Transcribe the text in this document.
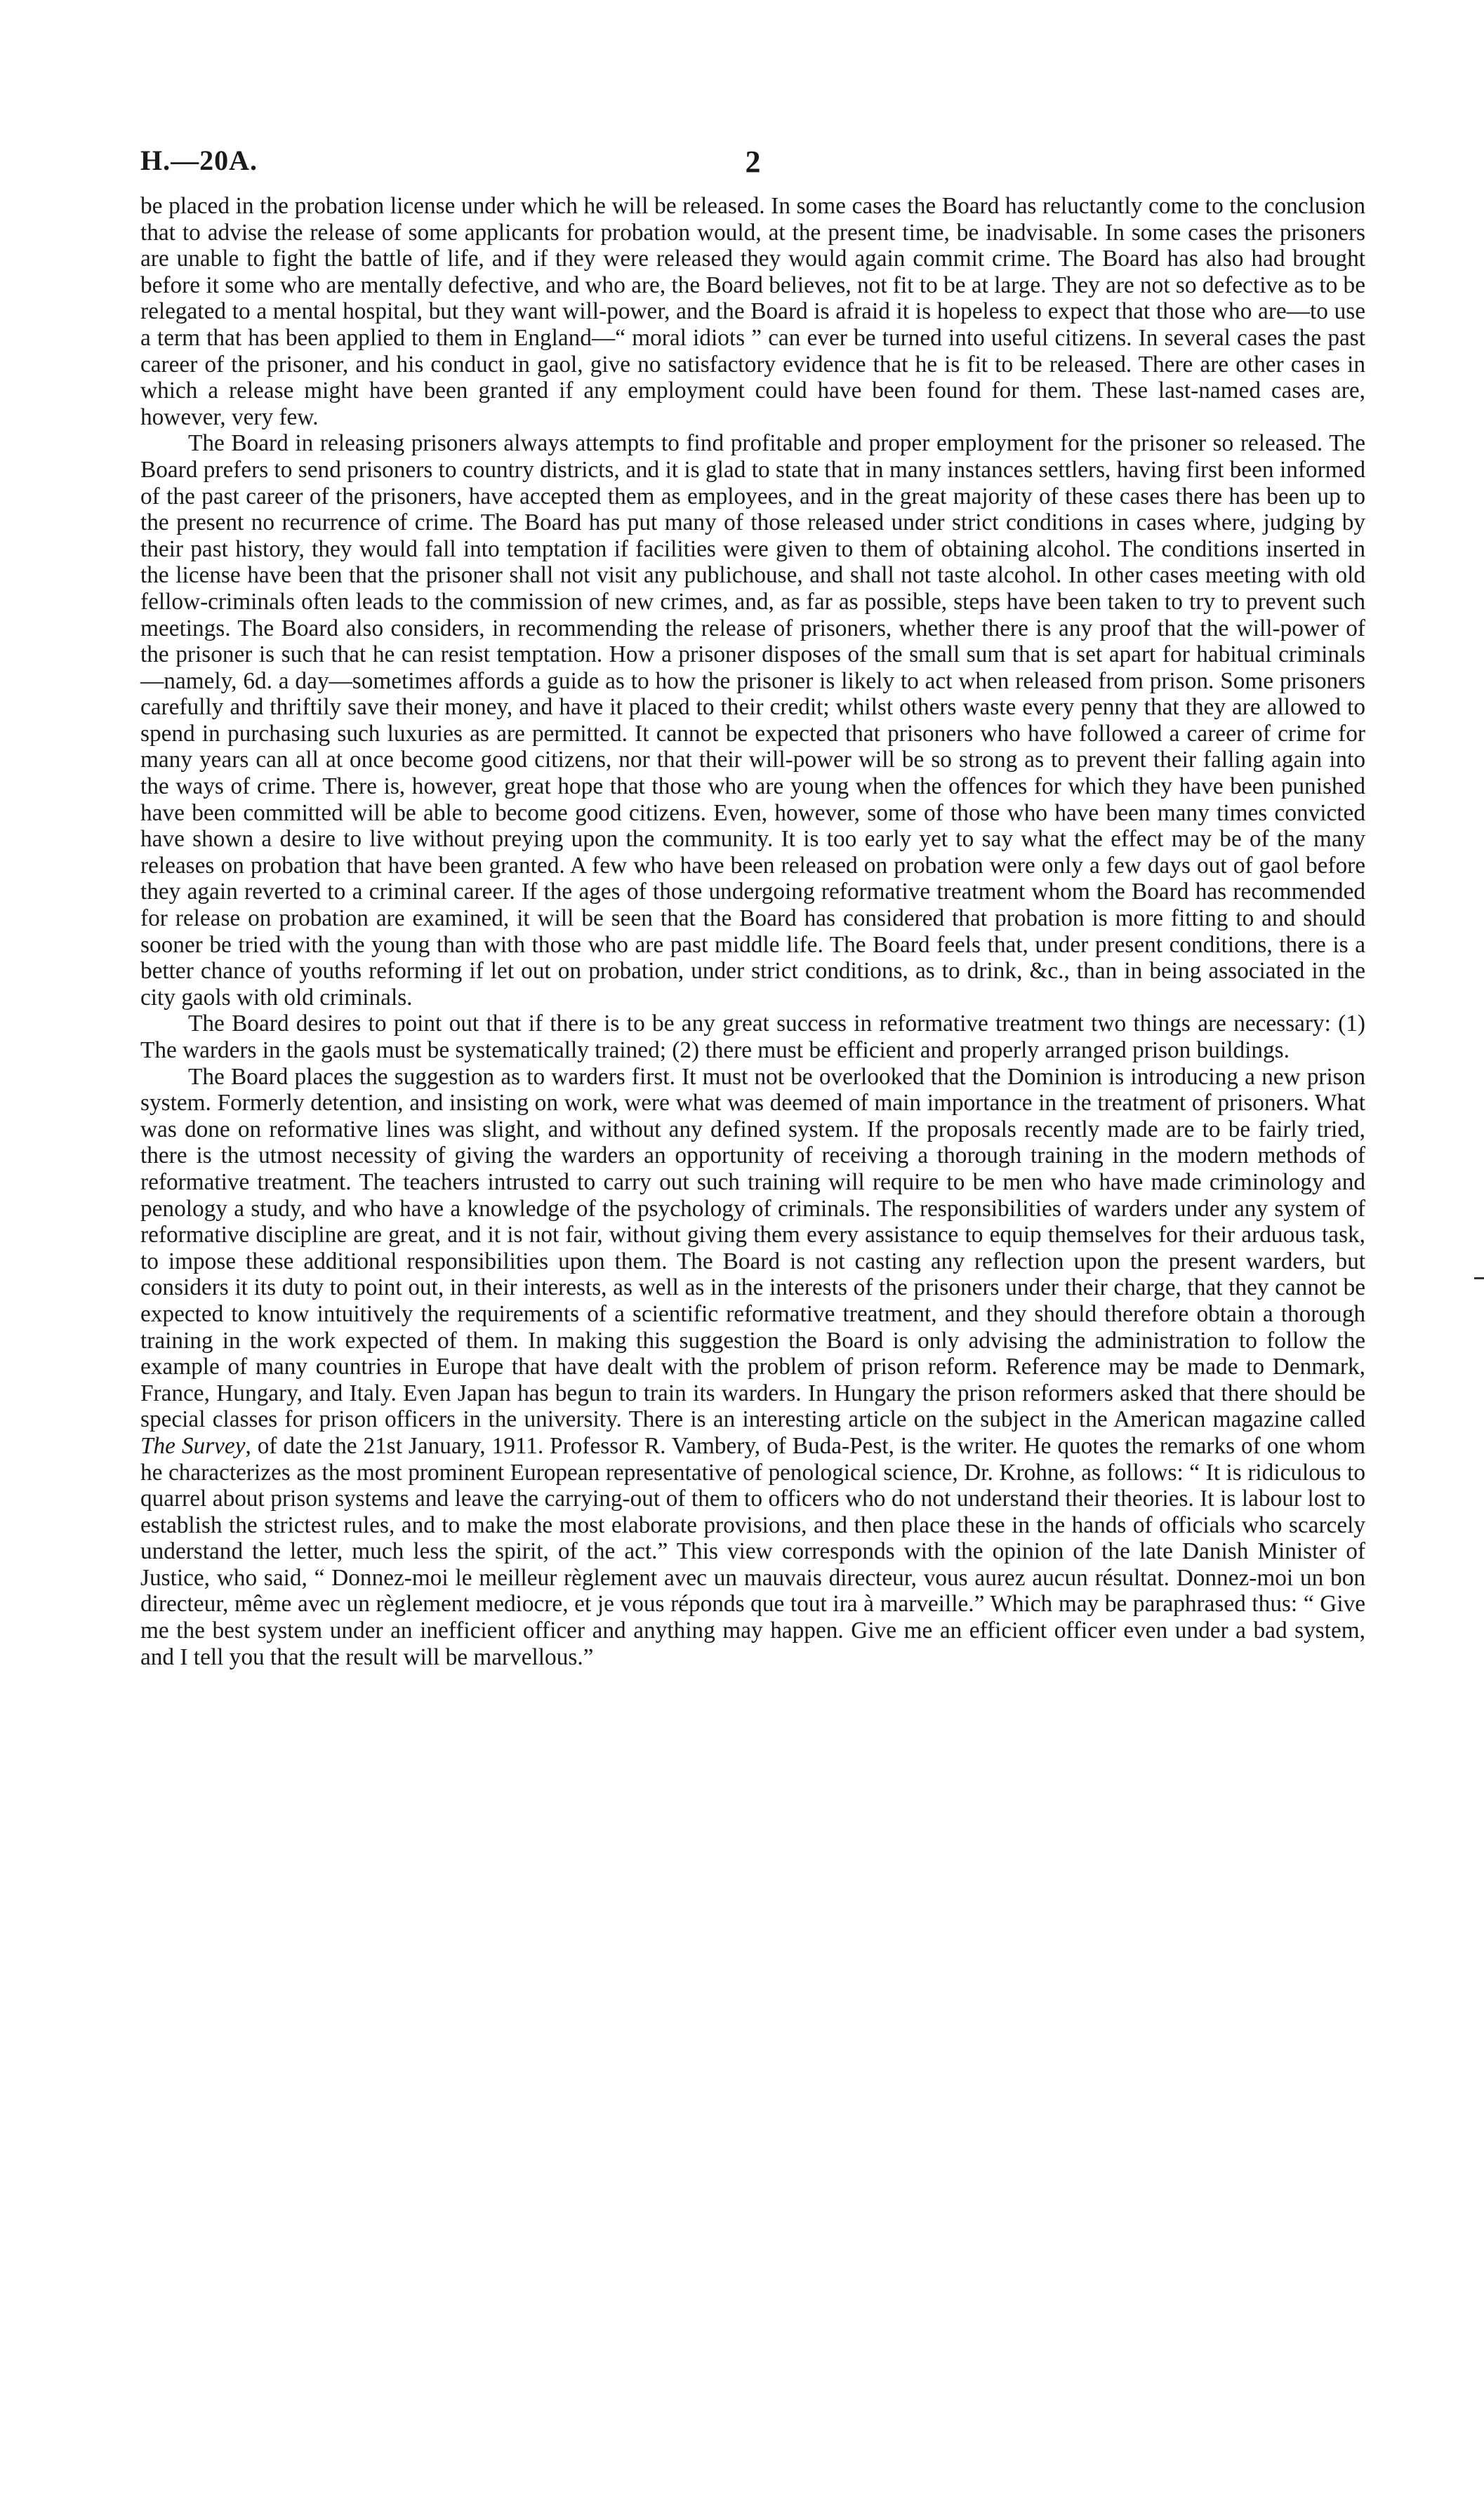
H.—20A.	2

be placed in the probation license under which he will be released. In some cases the Board has reluctantly come to the conclusion that to advise the release of some applicants for probation would, at the present time, be inadvisable. In some cases the prisoners are unable to fight the battle of life, and if they were released they would again commit crime. The Board has also had brought before it some who are mentally defective, and who are, the Board believes, not fit to be at large. They are not so defective as to be relegated to a mental hospital, but they want will-power, and the Board is afraid it is hopeless to expect that those who are—to use a term that has been applied to them in England—“ moral idiots ” can ever be turned into useful citizens. In several cases the past career of the prisoner, and his conduct in gaol, give no satisfactory evidence that he is fit to be released. There are other cases in which a release might have been granted if any employment could have been found for them. These last-named cases are, however, very few.

The Board in releasing prisoners always attempts to find profitable and proper employment for the prisoner so released. The Board prefers to send prisoners to country districts, and it is glad to state that in many instances settlers, having first been informed of the past career of the prisoners, have accepted them as employees, and in the great majority of these cases there has been up to the present no recurrence of crime. The Board has put many of those released under strict conditions in cases where, judging by their past history, they would fall into temptation if facilities were given to them of obtaining alcohol. The conditions inserted in the license have been that the prisoner shall not visit any publichouse, and shall not taste alcohol. In other cases meeting with old fellow-criminals often leads to the commission of new crimes, and, as far as possible, steps have been taken to try to prevent such meetings. The Board also considers, in recommending the release of prisoners, whether there is any proof that the will-power of the prisoner is such that he can resist temptation. How a prisoner disposes of the small sum that is set apart for habitual criminals—namely, 6d. a day—sometimes affords a guide as to how the prisoner is likely to act when released from prison. Some prisoners carefully and thriftily save their money, and have it placed to their credit; whilst others waste every penny that they are allowed to spend in purchasing such luxuries as are permitted. It cannot be expected that prisoners who have followed a career of crime for many years can all at once become good citizens, nor that their will-power will be so strong as to prevent their falling again into the ways of crime. There is, however, great hope that those who are young when the offences for which they have been punished have been committed will be able to become good citizens. Even, however, some of those who have been many times convicted have shown a desire to live without preying upon the community. It is too early yet to say what the effect may be of the many releases on probation that have been granted. A few who have been released on probation were only a few days out of gaol before they again reverted to a criminal career. If the ages of those undergoing reformative treatment whom the Board has recommended for release on probation are examined, it will be seen that the Board has considered that probation is more fitting to and should sooner be tried with the young than with those who are past middle life. The Board feels that, under present conditions, there is a better chance of youths reforming if let out on probation, under strict conditions, as to drink, &c., than in being associated in the city gaols with old criminals.

The Board desires to point out that if there is to be any great success in reformative treatment two things are necessary: (1) The warders in the gaols must be systematically trained; (2) there must be efficient and properly arranged prison buildings.

The Board places the suggestion as to warders first. It must not be overlooked that the Dominion is introducing a new prison system. Formerly detention, and insisting on work, were what was deemed of main importance in the treatment of prisoners. What was done on reformative lines was slight, and without any defined system. If the proposals recently made are to be fairly tried, there is the utmost necessity of giving the warders an opportunity of receiving a thorough training in the modern methods of reformative treatment. The teachers intrusted to carry out such training will require to be men who have made criminology and penology a study, and who have a knowledge of the psychology of criminals. The responsibilities of warders under any system of reformative discipline are great, and it is not fair, without giving them every assistance to equip themselves for their arduous task, to impose these additional responsibilities upon them. The Board is not casting any reflection upon the present warders, but considers it its duty to point out, in their interests, as well as in the interests of the prisoners under their charge, that they cannot be expected to know intuitively the requirements of a scientific reformative treatment, and they should therefore obtain a thorough training in the work expected of them. In making this suggestion the Board is only advising the administration to follow the example of many countries in Europe that have dealt with the problem of prison reform. Reference may be made to Denmark, France, Hungary, and Italy. Even Japan has begun to train its warders. In Hungary the prison reformers asked that there should be special classes for prison officers in the university. There is an interesting article on the subject in the American magazine called The Survey, of date the 21st January, 1911. Professor R. Vambery, of Buda-Pest, is the writer. He quotes the remarks of one whom he characterizes as the most prominent European representative of penological science, Dr. Krohne, as follows: “ It is ridiculous to quarrel about prison systems and leave the carrying-out of them to officers who do not understand their theories. It is labour lost to establish the strictest rules, and to make the most elaborate provisions, and then place these in the hands of officials who scarcely understand the letter, much less the spirit, of the act.” This view corresponds with the opinion of the late Danish Minister of Justice, who said, “ Donnez-moi le meilleur règlement avec un mauvais directeur, vous aurez aucun résultat. Donnez-moi un bon directeur, même avec un règlement mediocre, et je vous réponds que tout ira à marveille.” Which may be paraphrased thus: “ Give me the best system under an inefficient officer and anything may happen. Give me an efficient officer even under a bad system, and I tell you that the result will be marvellous.”
